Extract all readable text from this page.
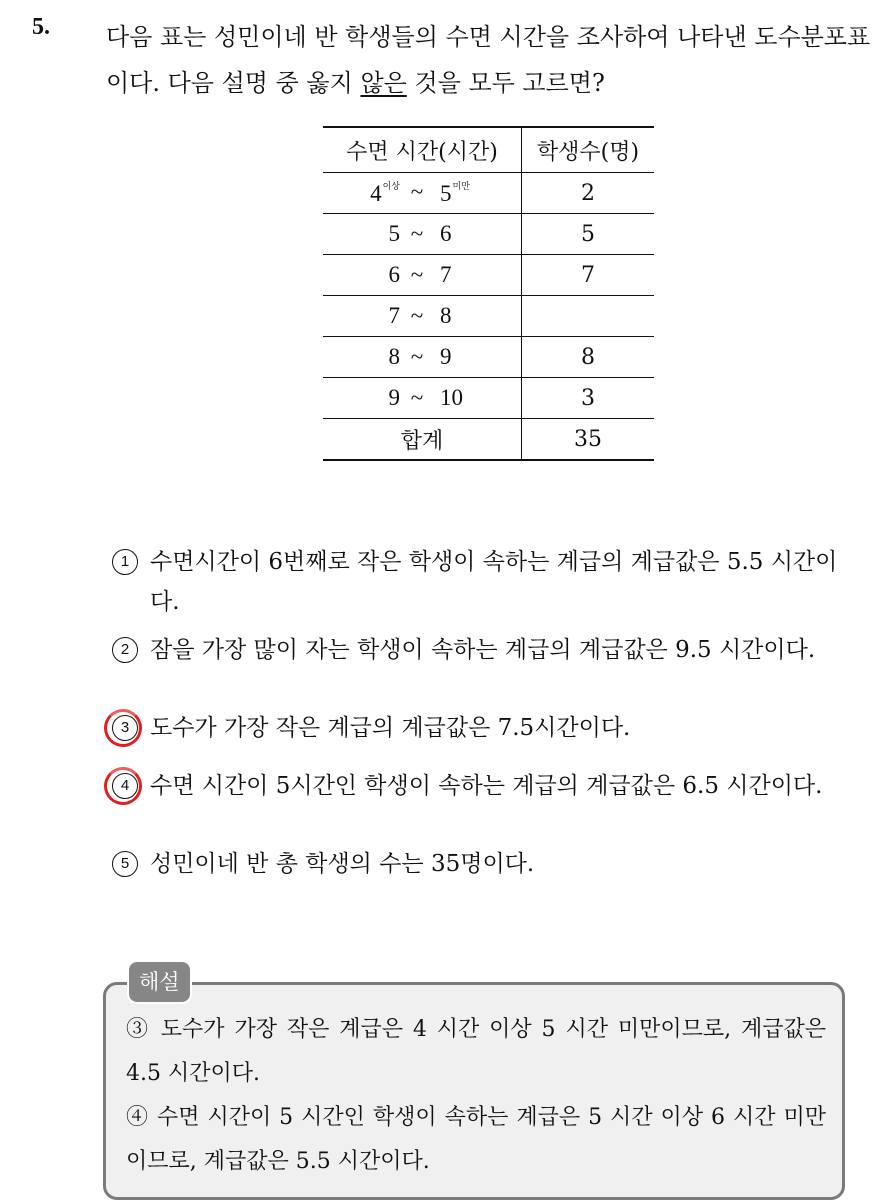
5. 다음 표는 성민이네 반 학생들의 수면 시간을 조사하여 나타낸 도수분포표이다. 다음 설명 중 옳지 않은 것을 모두 고르면?
수면 시간(시간)	학생수(명)

$4^{이상}$ ~ $5^{미만}$	2

5 ~ 6	5

6 ~ 7	7

7 ~ 8	

8 ~ 9	8

9 ~ 10	3
합계	35
1 수면시간이 6번째로 작은 학생이 속하는 계급의 계급값은 5.5 시간이다.
2 잠을 가장 많이 자는 학생이 속하는 계급의 계급값은 9.5 시간이다.
3 도수가 가장 작은 계급의 계급값은 7.5시간이다.
4 수면 시간이 5시간인 학생이 속하는 계급의 계급값은 6.5 시간이다.
5 성민이네 반 총 학생의 수는 35명이다.
해설
③ 도수가 가장 작은 계급은 4 시간 이상 5 시간 미만이므로, 계급값은 4.5 시간이다.
④ 수면 시간이 5 시간인 학생이 속하는 계급은 5 시간 이상 6 시간 미만이므로, 계급값은 5.5 시간이다.
